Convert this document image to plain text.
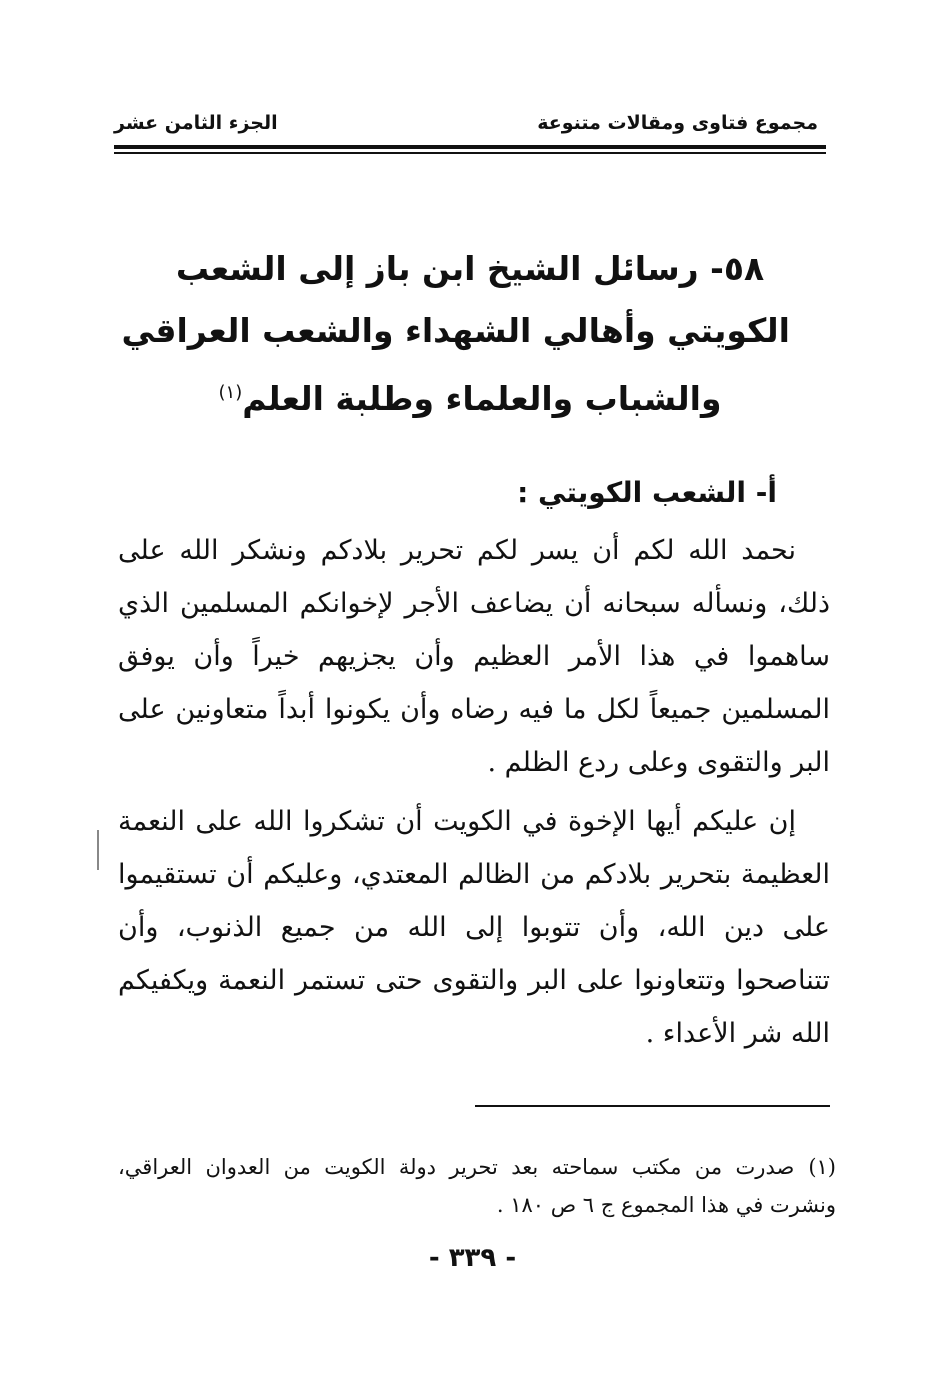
مجموع فتاوى ومقالات متنوعة
الجزء الثامن عشر
٥٨- رسائل الشيخ ابن باز إلى الشعب
الكويتي وأهالي الشهداء والشعب العراقي
والشباب والعلماء وطلبة العلم$^{(١)}$
أ- الشعب الكويتي :

نحمد الله لكم أن يسر لكم تحرير بلادكم ونشكر الله على ذلك، ونسأله سبحانه أن يضاعف الأجر لإخوانكم المسلمين الذي ساهموا في هذا الأمر العظيم وأن يجزيهم خيراً وأن يوفق المسلمين جميعاً لكل ما فيه رضاه وأن يكونوا أبداً متعاونين على البر والتقوى وعلى ردع الظلم .

إن عليكم أيها الإخوة في الكويت أن تشكروا الله على النعمة العظيمة بتحرير بلادكم من الظالم المعتدي، وعليكم أن تستقيموا على دين الله، وأن تتوبوا إلى الله من جميع الذنوب، وأن تتناصحوا وتتعاونوا على البر والتقوى حتى تستمر النعمة ويكفيكم الله شر الأعداء .

(١)صدرت من مكتب سماحته بعد تحرير دولة الكويت من العدوان العراقي، ونشرت في هذا المجموع ج ٦ ص ١٨٠ .
- ٣٣٩ -
